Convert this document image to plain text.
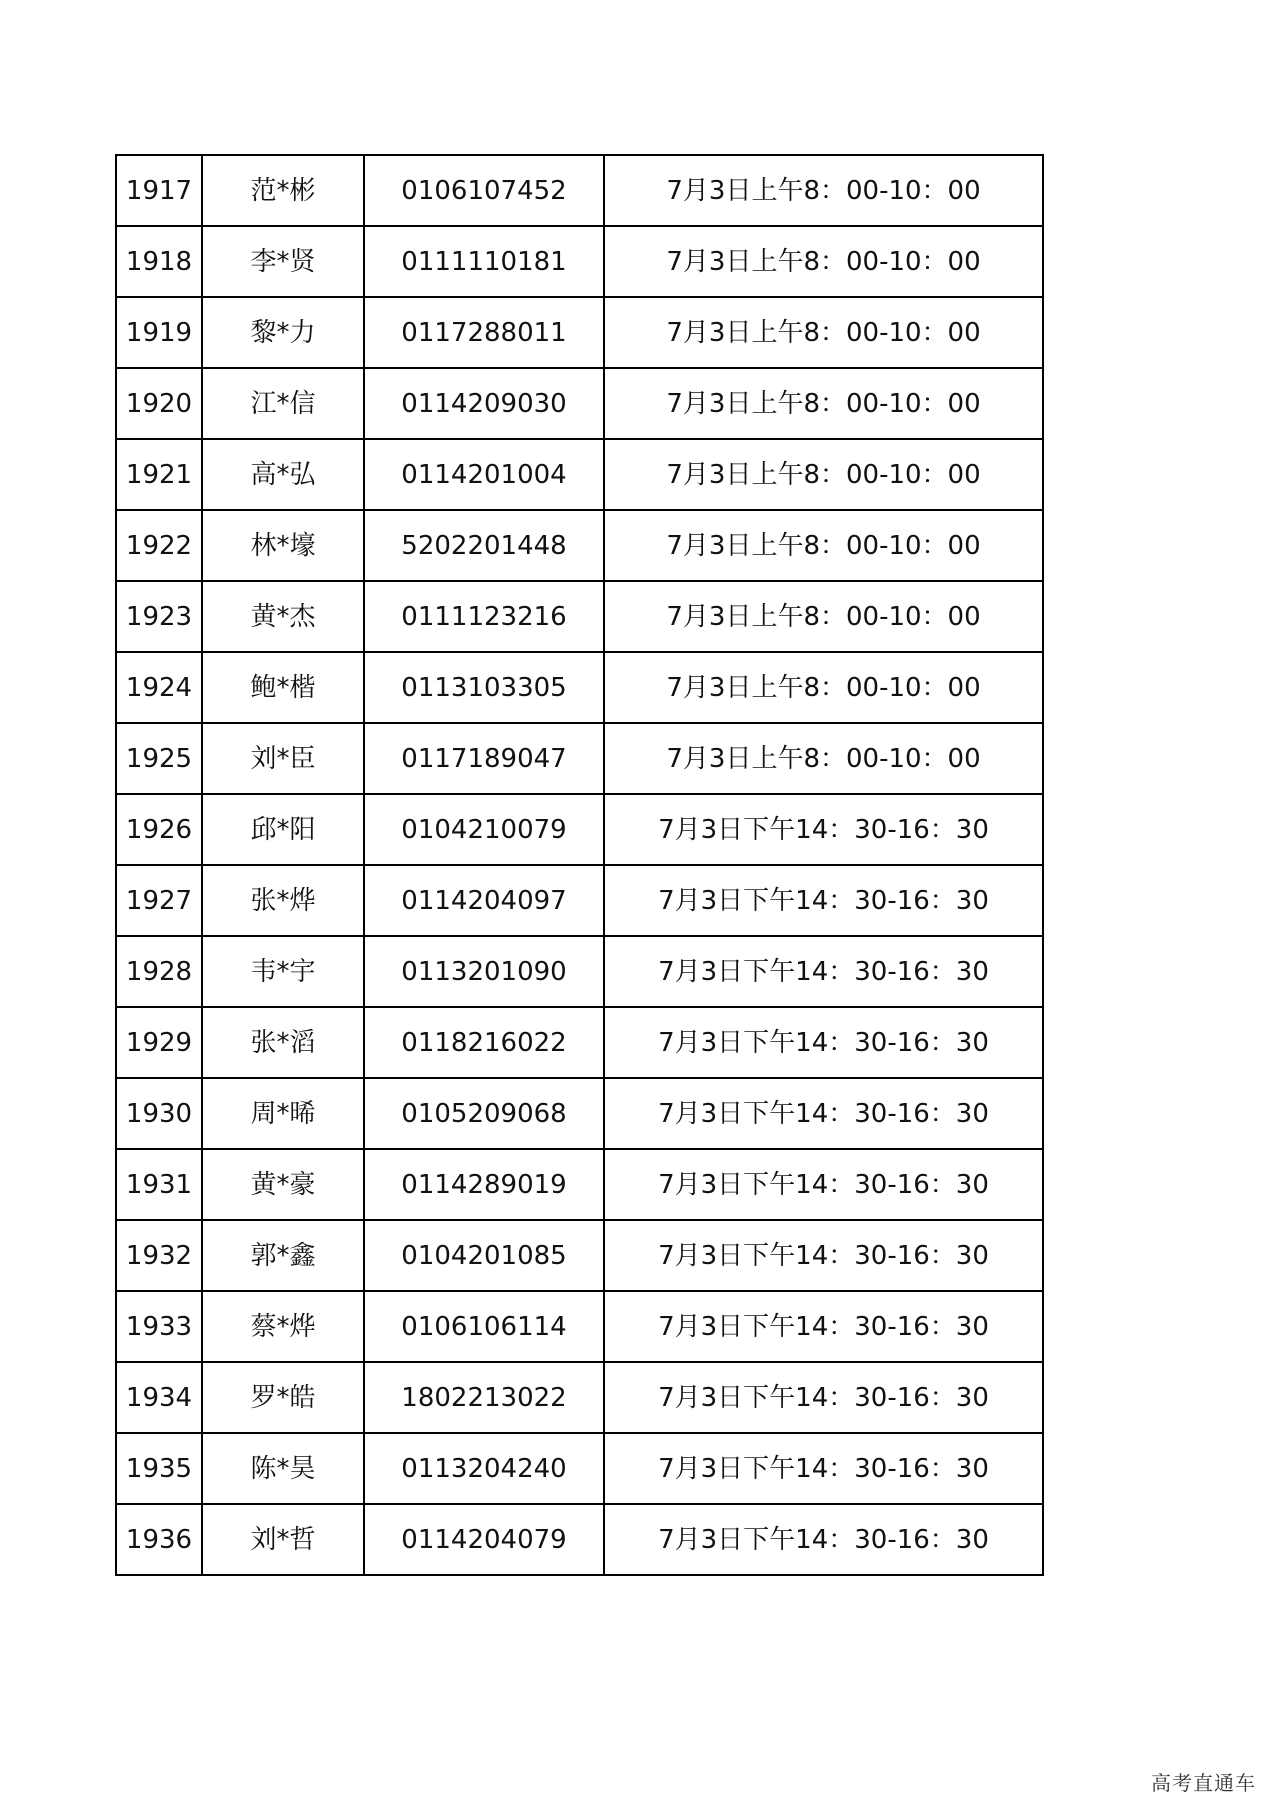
1917	范*彬	0106107452	7月3日上午8：00-10：00
1918	李*贤	0111110181	7月3日上午8：00-10：00
1919	黎*力	0117288011	7月3日上午8：00-10：00
1920	江*信	0114209030	7月3日上午8：00-10：00
1921	高*弘	0114201004	7月3日上午8：00-10：00
1922	林*壕	5202201448	7月3日上午8：00-10：00
1923	黄*杰	0111123216	7月3日上午8：00-10：00
1924	鲍*楷	0113103305	7月3日上午8：00-10：00
1925	刘*臣	0117189047	7月3日上午8：00-10：00
1926	邱*阳	0104210079	7月3日下午14：30-16：30
1927	张*烨	0114204097	7月3日下午14：30-16：30
1928	韦*宇	0113201090	7月3日下午14：30-16：30
1929	张*滔	0118216022	7月3日下午14：30-16：30
1930	周*晞	0105209068	7月3日下午14：30-16：30
1931	黄*豪	0114289019	7月3日下午14：30-16：30
1932	郭*鑫	0104201085	7月3日下午14：30-16：30
1933	蔡*烨	0106106114	7月3日下午14：30-16：30
1934	罗*皓	1802213022	7月3日下午14：30-16：30
1935	陈*昊	0113204240	7月3日下午14：30-16：30
1936	刘*哲	0114204079	7月3日下午14：30-16：30
高考直通车
